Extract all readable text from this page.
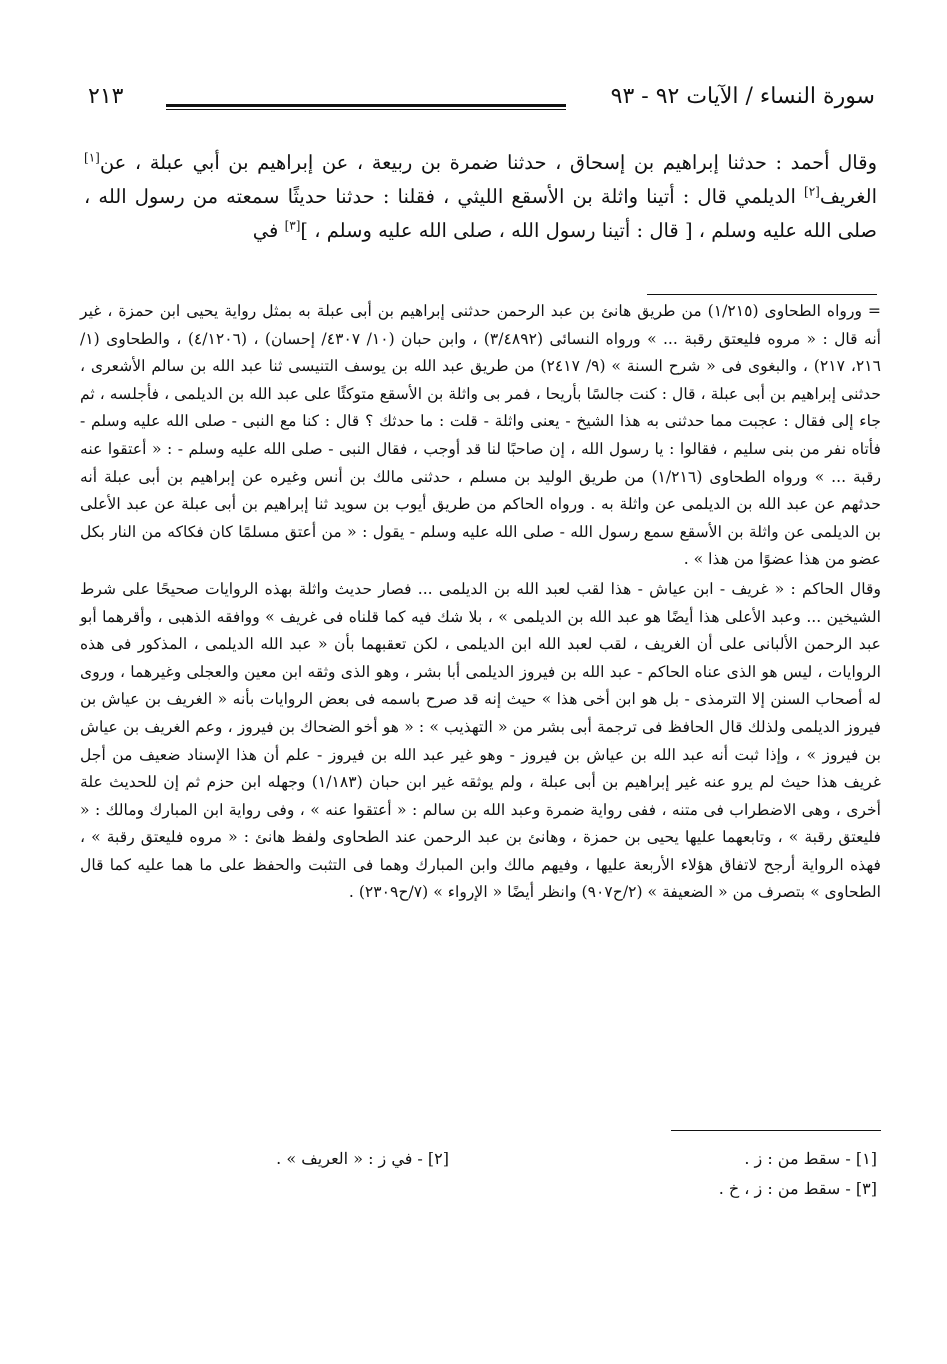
سورة النساء / الآيات ٩٢ - ٩٣
٢١٣

وقال أحمد : حدثنا إبراهيم بن إسحاق ، حدثنا ضمرة بن ربيعة ، عن إبراهيم بن أبي عبلة ، عن[١] الغريف[٢] الديلمي قال : أتينا واثلة بن الأسقع الليثي ، فقلنا : حدثنا حديثًا سمعته من رسول الله ، صلى الله عليه وسلم ، [ قال : أتينا رسول الله ، صلى الله عليه وسلم ، ][٣] في

= ورواه الطحاوى (١/٢١٥) من طريق هانئ بن عبد الرحمن حدثنى إبراهيم بن أبى عبلة به بمثل رواية يحيى ابن حمزة ، غير أنه قال : « مروه فليعتق رقبة ... » ورواه النسائى (٣/٤٨٩٢) ، وابن حبان (١٠/ ٤٣٠٧/ إحسان) ، (٤/١٢٠٦) ، والطحاوى (١/ ٢١٦، ٢١٧) ، والبغوى فى « شرح السنة » (٩/ ٢٤١٧) من طريق عبد الله بن يوسف التنيسى ثنا عبد الله بن سالم الأشعرى ، حدثنى إبراهيم بن أبى عبلة ، قال : كنت جالسًا بأريحا ، فمر بى واثلة بن الأسقع متوكئًا على عبد الله بن الديلمى ، فأجلسه ، ثم جاء إلى فقال : عجبت مما حدثنى به هذا الشيخ - يعنى واثلة - قلت : ما حدثك ؟ قال : كنا مع النبى - صلى الله عليه وسلم - فأتاه نفر من بنى سليم ، فقالوا : يا رسول الله ، إن صاحبًا لنا قد أوجب ، فقال النبى - صلى الله عليه وسلم - : « أعتقوا عنه رقبة ... » ورواه الطحاوى (١/٢١٦) من طريق الوليد بن مسلم ، حدثنى مالك بن أنس وغيره عن إبراهيم بن أبى عبلة أنه حدثهم عن عبد الله بن الديلمى عن واثلة به . ورواه الحاكم من طريق أيوب بن سويد ثنا إبراهيم بن أبى عبلة عن عبد الأعلى بن الديلمى عن واثلة بن الأسقع سمع رسول الله - صلى الله عليه وسلم - يقول : « من أعتق مسلمًا كان فكاكه من النار بكل عضو من هذا عضوًا من هذا » .

وقال الحاكم : « غريف - ابن عياش - هذا لقب لعبد الله بن الديلمى ... فصار حديث واثلة بهذه الروايات صحيحًا على شرط الشيخين ... وعبد الأعلى هذا أيضًا هو عبد الله بن الديلمى » ، بلا شك فيه كما قلناه فى غريف » ووافقه الذهبى ، وأقرهما أبو عبد الرحمن الألبانى على أن الغريف ، لقب لعبد الله ابن الديلمى ، لكن تعقبهما بأن « عبد الله الديلمى ، المذكور فى هذه الروايات ، ليس هو الذى عناه الحاكم - عبد الله بن فيروز الديلمى أبا بشر ، وهو الذى وثقه ابن معين والعجلى وغيرهما ، وروى له أصحاب السنن إلا الترمذى - بل هو ابن أخى هذا » حيث إنه قد صرح باسمه فى بعض الروايات بأنه « الغريف بن عياش بن فيروز الديلمى ولذلك قال الحافظ فى ترجمة أبى بشر من « التهذيب » : « هو أخو الضحاك بن فيروز ، وعم الغريف بن عياش بن فيروز » ، وإذا ثبت أنه عبد الله بن عياش بن فيروز - وهو غير عبد الله بن فيروز - علم أن هذا الإسناد ضعيف من أجل غريف هذا حيث لم يرو عنه غير إبراهيم بن أبى عبلة ، ولم يوثقه غير ابن حبان (١/١٨٣) وجهله ابن حزم ثم إن للحديث علة أخرى ، وهى الاضطراب فى متنه ، ففى رواية ضمرة وعبد الله بن سالم : « أعتقوا عنه » ، وفى رواية ابن المبارك ومالك : « فليعتق رقبة » ، وتابعهما عليها يحيى بن حمزة ، وهانئ بن عبد الرحمن عند الطحاوى ولفظ هانئ : « مروه فليعتق رقبة » ، فهذه الرواية أرجح لاتفاق هؤلاء الأربعة عليها ، وفيهم مالك وابن المبارك وهما فى التثبت والحفظ على ما هما عليه كما قال الطحاوى » بتصرف من « الضعيفة » (٢/ح٩٠٧) وانظر أيضًا « الإرواء » (٧/ح٢٣٠٩) .

[١] - سقط من : ز .
[٢] - في ز : « العريف » .
[٣] - سقط من : ز ، خ .
